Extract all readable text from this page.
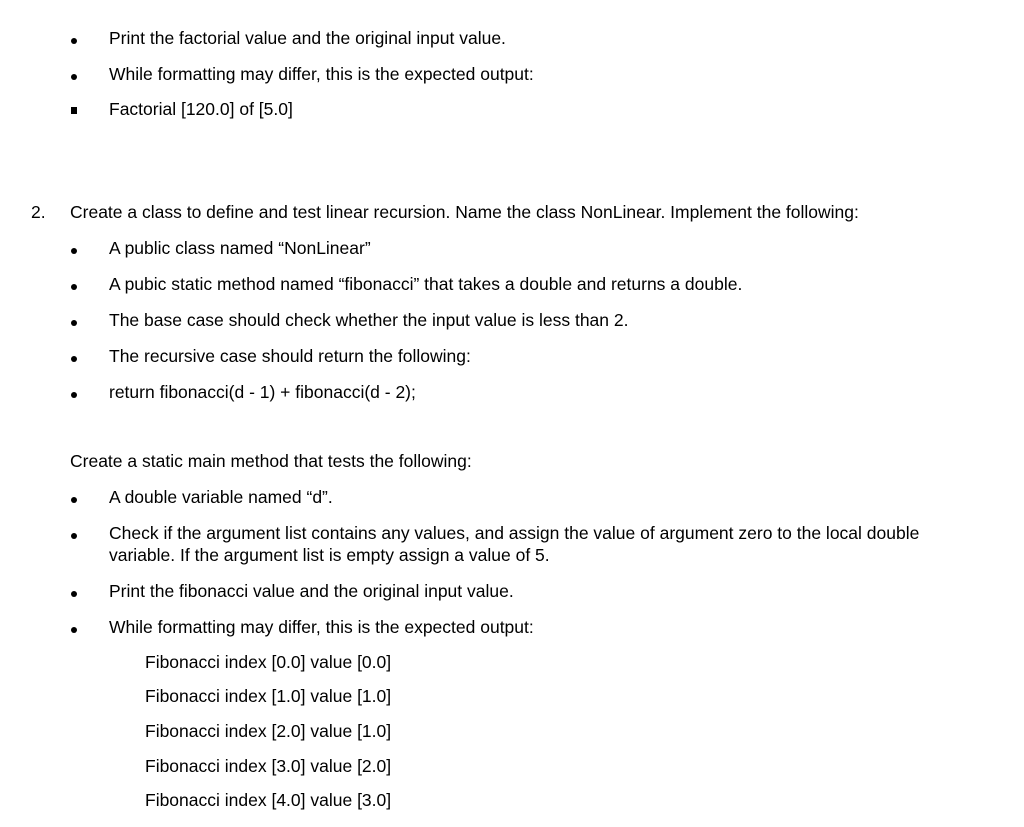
Print the factorial value and the original input value.
While formatting may differ, this is the expected output:
Factorial [120.0] of [5.0]
2. Create a class to define and test linear recursion. Name the class NonLinear. Implement the following:
A public class named “NonLinear”
A pubic static method named “fibonacci” that takes a double and returns a double.
The base case should check whether the input value is less than 2.
The recursive case should return the following:
return fibonacci(d - 1) + fibonacci(d - 2);
Create a static main method that tests the following:
A double variable named “d”.
Check if the argument list contains any values, and assign the value of argument zero to the local double
variable. If the argument list is empty assign a value of 5.
Print the fibonacci value and the original input value.
While formatting may differ, this is the expected output:
Fibonacci index [0.0] value [0.0]
Fibonacci index [1.0] value [1.0]
Fibonacci index [2.0] value [1.0]
Fibonacci index [3.0] value [2.0]
Fibonacci index [4.0] value [3.0]
